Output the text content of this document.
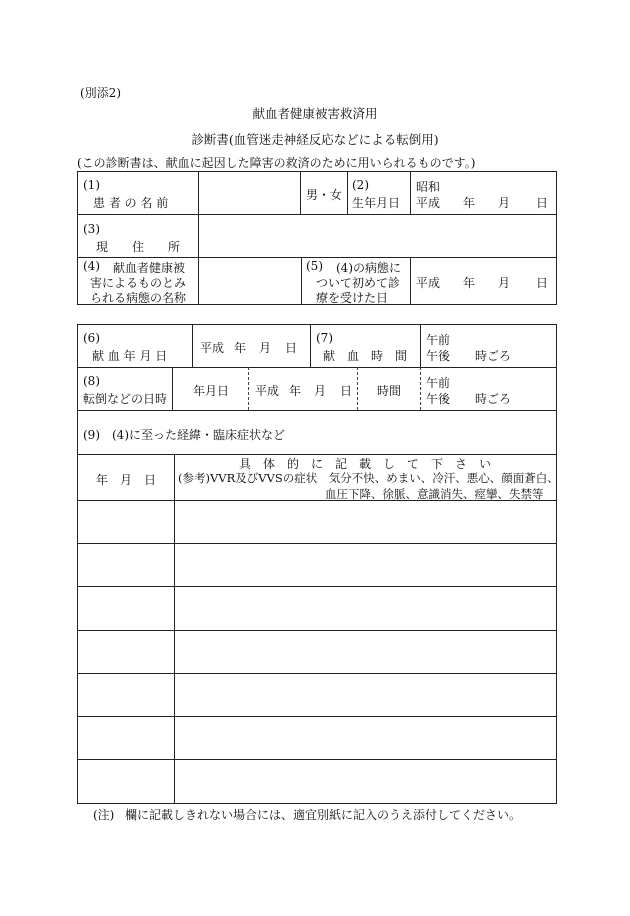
(別添2)
献血者健康被害救済用
診断書(血管迷走神経反応などによる転倒用)
(この診断書は、献血に起因した障害の救済のために用いられるものです。)
(1)
患 者 の 名 前
男・女
(2)
生年月日
昭和
平成 年 月 日
(3)
現　　住　　所
(4) 献血者健康被
害によるものとみ
られる病態の名称
(5) (4)の病態に
ついて初めて診
療を受けた日
平成 年 月 日
(6)
献 血 年 月 日
平成 年 月 日
(7)
献　血　時　間
午前
午後 時ごろ
(8)
転倒などの日時
年月日 平成 年 月 日 時間
午前
午後 時ごろ
(9)　(4)に至った経緯・臨床症状など
年　月　日
具　体　的　に　記　載　し　て　下　さ　い
(参考)VVR及びVVSの症状　気分不快、めまい、冷汗、悪心、顔面蒼白、
血圧下降、徐脈、意識消失、痙攣、失禁等
(注) 欄に記載しきれない場合には、適宜別紙に記入のうえ添付してください。
